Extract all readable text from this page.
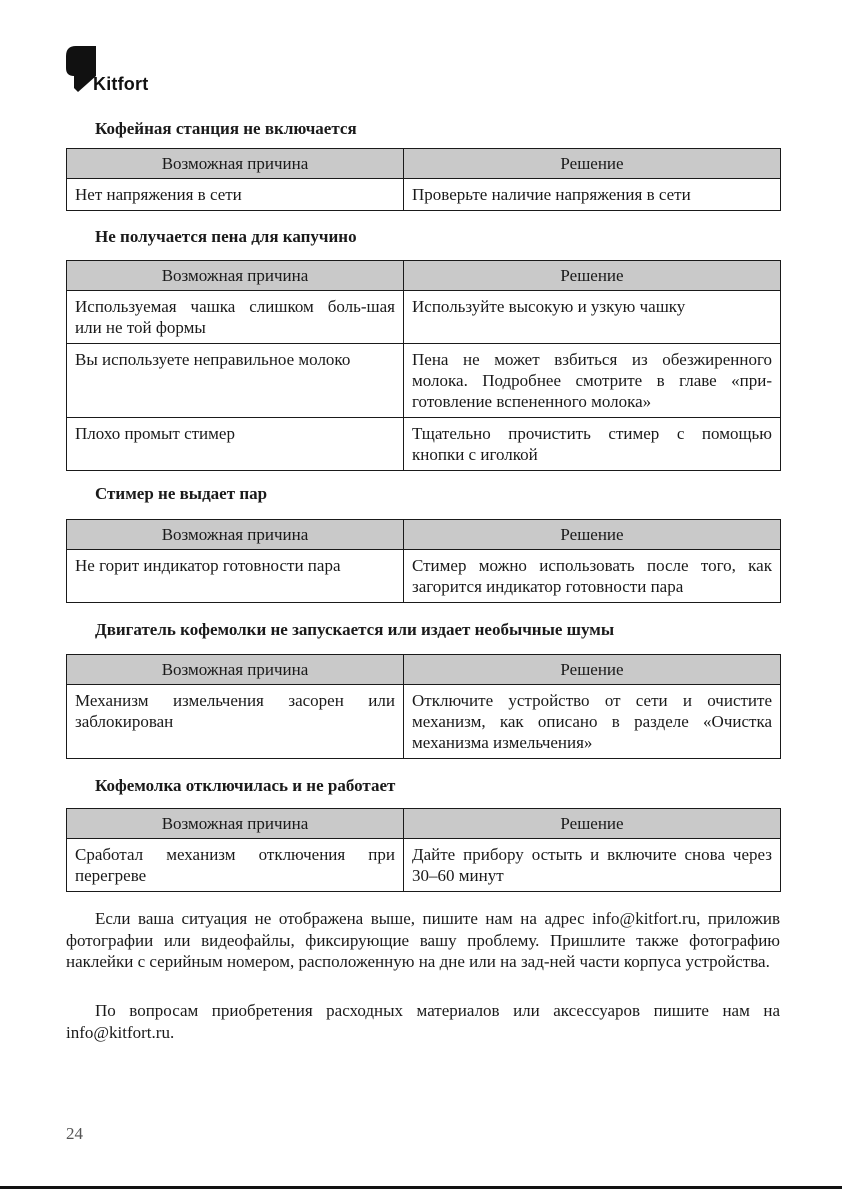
Kitfort
Кофейная станция не включается
Возможная причина	Решение
Нет напряжения в сети	Проверьте наличие напряжения в сети
Не получается пена для капучино
Возможная причина	Решение
Используемая чашка слишком боль-шая или не той формы	Используйте высокую и узкую чашку
Вы используете неправильное молоко	Пена не может взбиться из обезжиренного молока. Подробнее смотрите в главе «при-готовление вспененного молока»
Плохо промыт стимер	Тщательно прочистить стимер с помощью кнопки с иголкой
Стимер не выдает пар
Возможная причина	Решение
Не горит индикатор готовности пара	Стимер можно использовать после того, как загорится индикатор готовности пара
Двигатель кофемолки не запускается или издает необычные шумы
Возможная причина	Решение
Механизм измельчения засорен или заблокирован	Отключите устройство от сети и очистите механизм, как описано в разделе «Очистка механизма измельчения»
Кофемолка отключилась и не работает
Возможная причина	Решение
Сработал механизм отключения при перегреве	Дайте прибору остыть и включите снова через 30–60 минут

Если ваша ситуация не отображена выше, пишите нам на адрес info@kitfort.ru, приложив фотографии или видеофайлы, фиксирующие вашу проблему. Пришлите также фотографию наклейки с серийным номером, расположенную на дне или на зад-ней части корпуса устройства.

По вопросам приобретения расходных материалов или аксессуаров пишите нам на info@kitfort.ru.

24
